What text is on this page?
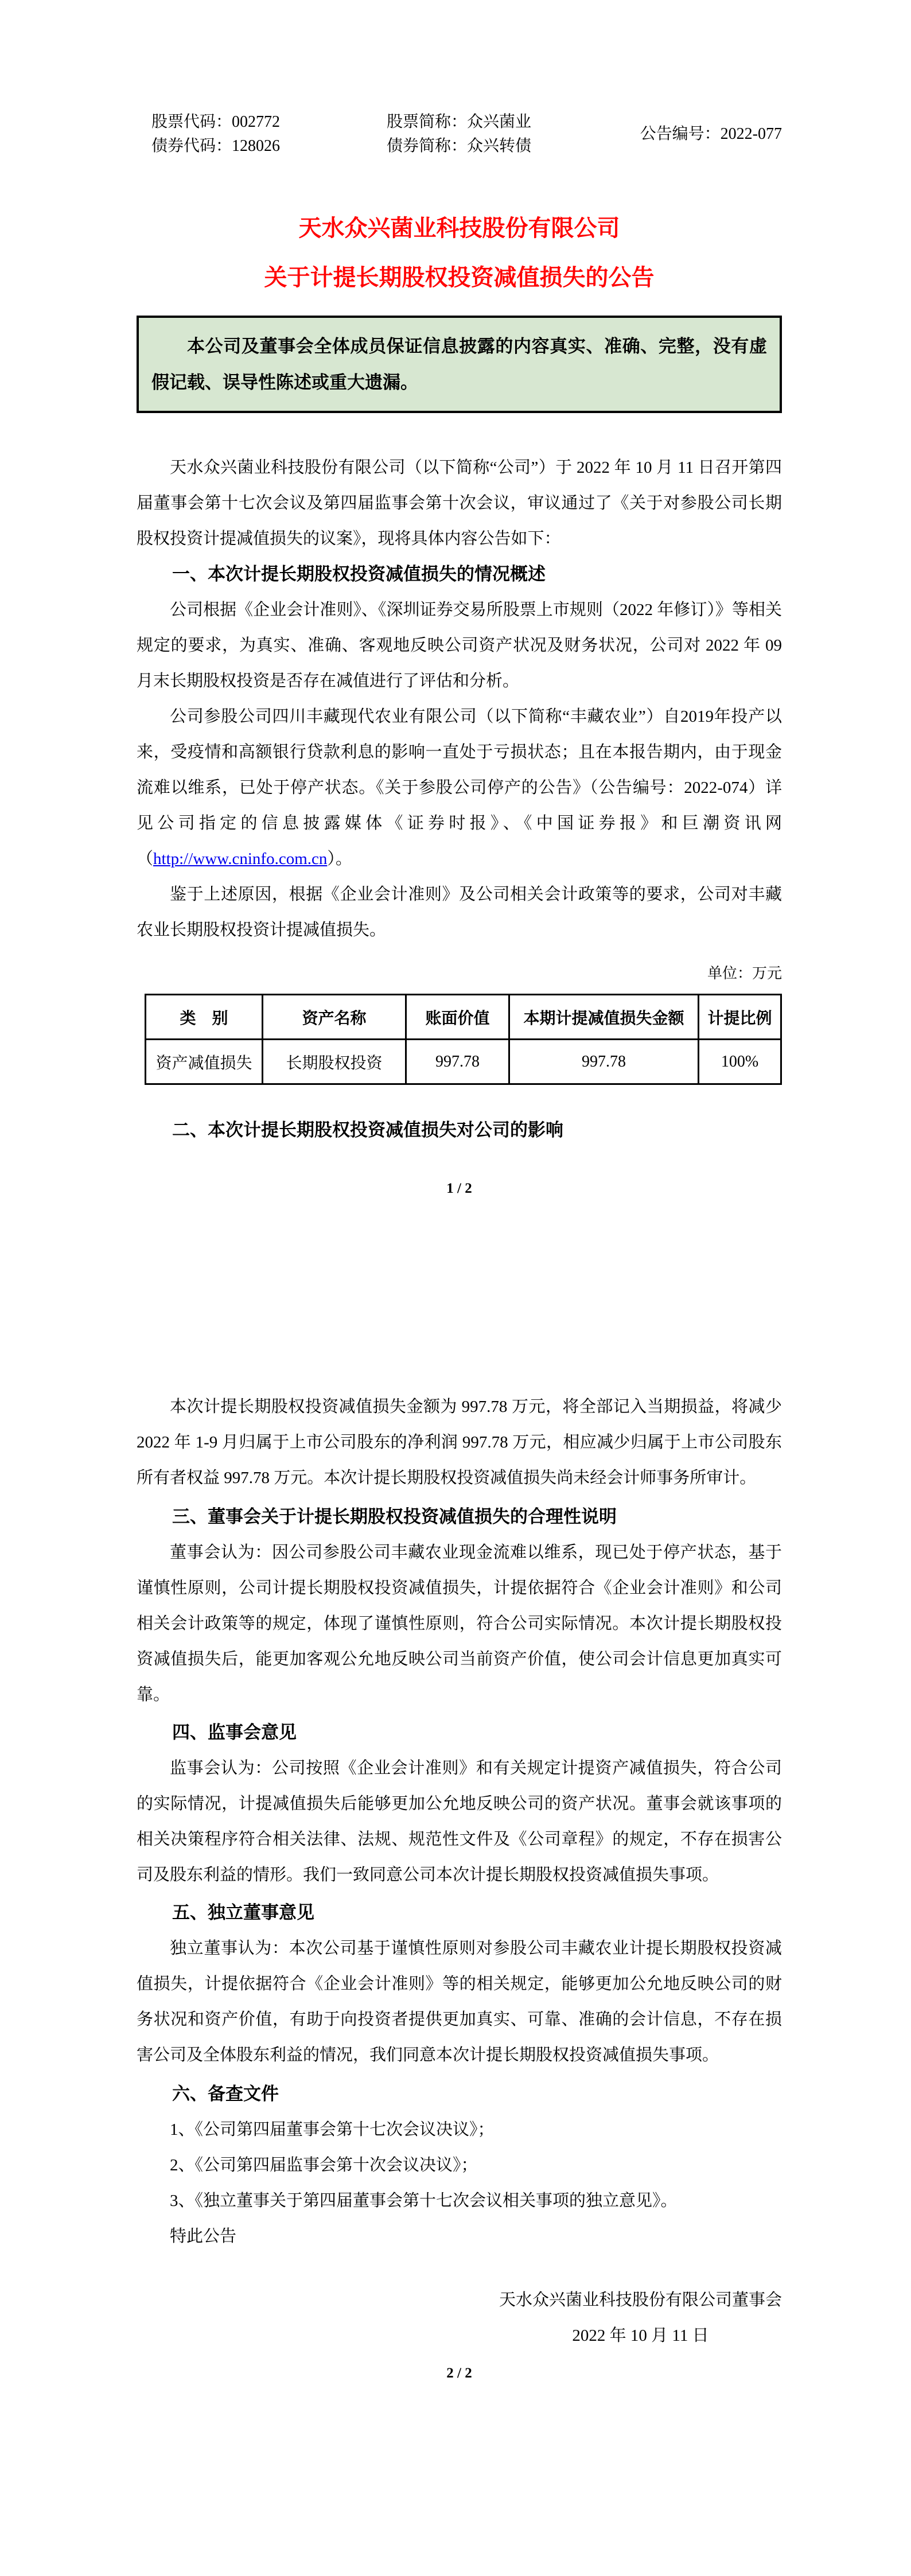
股票代码：002772	股票简称：众兴菌业
公告编号：2022-077
债券代码：128026	债券简称：众兴转债
天水众兴菌业科技股份有限公司
关于计提长期股权投资减值损失的公告
本公司及董事会全体成员保证信息披露的内容真实、准确、完整，没有虚假记载、误导性陈述或重大遗漏。

天水众兴菌业科技股份有限公司（以下简称“公司”）于 2022 年 10 月 11 日召开第四届董事会第十七次会议及第四届监事会第十次会议，审议通过了《关于对参股公司长期股权投资计提减值损失的议案》，现将具体内容公告如下：

一、本次计提长期股权投资减值损失的情况概述

公司根据《企业会计准则》、《深圳证券交易所股票上市规则（2022 年修订）》等相关规定的要求，为真实、准确、客观地反映公司资产状况及财务状况，公司对 2022 年 09 月末长期股权投资是否存在减值进行了评估和分析。

公司参股公司四川丰藏现代农业有限公司（以下简称“丰藏农业”）自2019年投产以来，受疫情和高额银行贷款利息的影响一直处于亏损状态；且在本报告期内，由于现金流难以维系，已处于停产状态。《关于参股公司停产的公告》（公告编号：2022-074）详见公司指定的信息披露媒体《证券时报》、《中国证券报》和巨潮资讯网（http://www.cninfo.com.cn）。

鉴于上述原因，根据《企业会计准则》及公司相关会计政策等的要求，公司对丰藏农业长期股权投资计提减值损失。

单位：万元
类　别	资产名称	账面价值	本期计提减值损失金额	计提比例
资产减值损失	长期股权投资	997.78	997.78	100%

二、本次计提长期股权投资减值损失对公司的影响

1 / 2

本次计提长期股权投资减值损失金额为 997.78 万元，将全部记入当期损益，将减少 2022 年 1-9 月归属于上市公司股东的净利润 997.78 万元，相应减少归属于上市公司股东所有者权益 997.78 万元。本次计提长期股权投资减值损失尚未经会计师事务所审计。

三、董事会关于计提长期股权投资减值损失的合理性说明

董事会认为：因公司参股公司丰藏农业现金流难以维系，现已处于停产状态，基于谨慎性原则，公司计提长期股权投资减值损失，计提依据符合《企业会计准则》和公司相关会计政策等的规定，体现了谨慎性原则，符合公司实际情况。本次计提长期股权投资减值损失后，能更加客观公允地反映公司当前资产价值，使公司会计信息更加真实可靠。

四、监事会意见

监事会认为：公司按照《企业会计准则》和有关规定计提资产减值损失，符合公司的实际情况，计提减值损失后能够更加公允地反映公司的资产状况。董事会就该事项的相关决策程序符合相关法律、法规、规范性文件及《公司章程》的规定，不存在损害公司及股东利益的情形。我们一致同意公司本次计提长期股权投资减值损失事项。

五、独立董事意见

独立董事认为：本次公司基于谨慎性原则对参股公司丰藏农业计提长期股权投资减值损失，计提依据符合《企业会计准则》等的相关规定，能够更加公允地反映公司的财务状况和资产价值，有助于向投资者提供更加真实、可靠、准确的会计信息，不存在损害公司及全体股东利益的情况，我们同意本次计提长期股权投资减值损失事项。

六、备查文件

1、《公司第四届董事会第十七次会议决议》；

2、《公司第四届监事会第十次会议决议》；

3、《独立董事关于第四届董事会第十七次会议相关事项的独立意见》。

特此公告

天水众兴菌业科技股份有限公司董事会
2022 年 10 月 11 日
2 / 2
